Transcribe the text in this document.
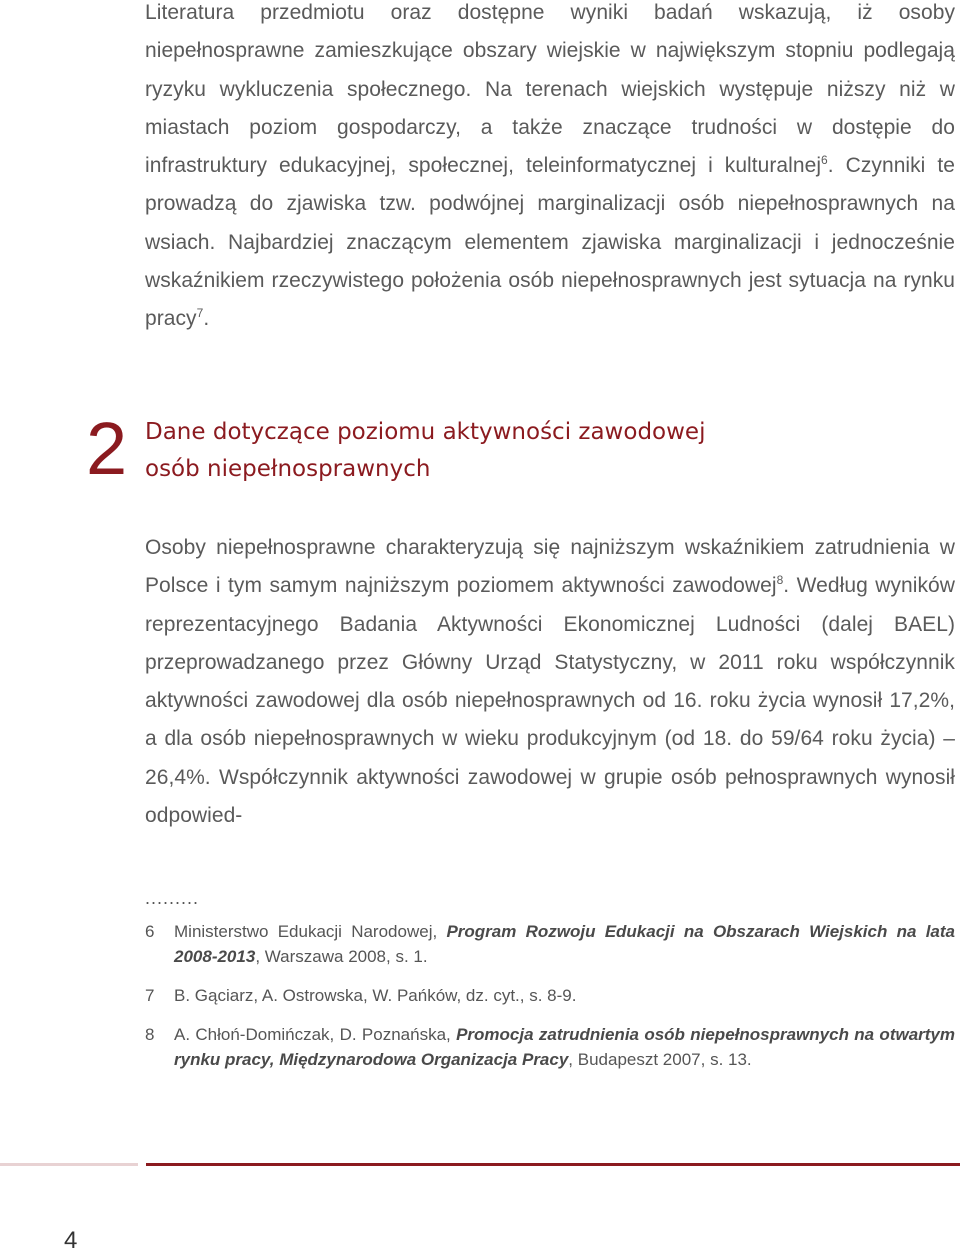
Literatura przedmiotu oraz dostępne wyniki badań wskazują, iż osoby niepełnosprawne zamieszkujące obszary wiejskie w największym stopniu podlegają ryzyku wykluczenia społecznego. Na terenach wiejskich występuje niższy niż w miastach poziom gospodarczy, a także znaczące trudności w dostępie do infrastruktury edukacyjnej, społecznej, teleinformatycznej i kulturalnej$^6$. Czynniki te prowadzą do zjawiska tzw. podwójnej marginalizacji osób niepełnosprawnych na wsiach. Najbardziej znaczącym elementem zjawiska marginalizacji i jednocześnie wskaźnikiem rzeczywistego położenia osób niepełnosprawnych jest sytuacja na rynku pracy$^7$.

2 Dane dotyczące poziomu aktywności zawodowej
osób niepełnosprawnych

Osoby niepełnosprawne charakteryzują się najniższym wskaźnikiem zatrudnienia w Polsce i tym samym najniższym poziomem aktywności zawodowej$^8$. Według wyników reprezentacyjnego Badania Aktywności Ekonomicznej Ludności (dalej BAEL) przeprowadzanego przez Główny Urząd Statystyczny, w 2011 roku współczynnik aktywności zawodowej dla osób niepełnosprawnych od 16. roku życia wynosił 17,2%, a dla osób niepełnosprawnych w wieku produkcyjnym (od 18. do 59/64 roku życia) – 26,4%. Współczynnik aktywności zawodowej w grupie osób pełnosprawnych wynosił odpowied-

.........
6 Ministerstwo Edukacji Narodowej, Program Rozwoju Edukacji na Obszarach Wiejskich na lata 2008-2013, Warszawa 2008, s. 1.
7 B. Gąciarz, A. Ostrowska, W. Pańków, dz. cyt., s. 8-9.
8 A. Chłoń-Domińczak, D. Poznańska, Promocja zatrudnienia osób niepełnosprawnych na otwartym rynku pracy, Międzynarodowa Organizacja Pracy, Budapeszt 2007, s. 13.
4
